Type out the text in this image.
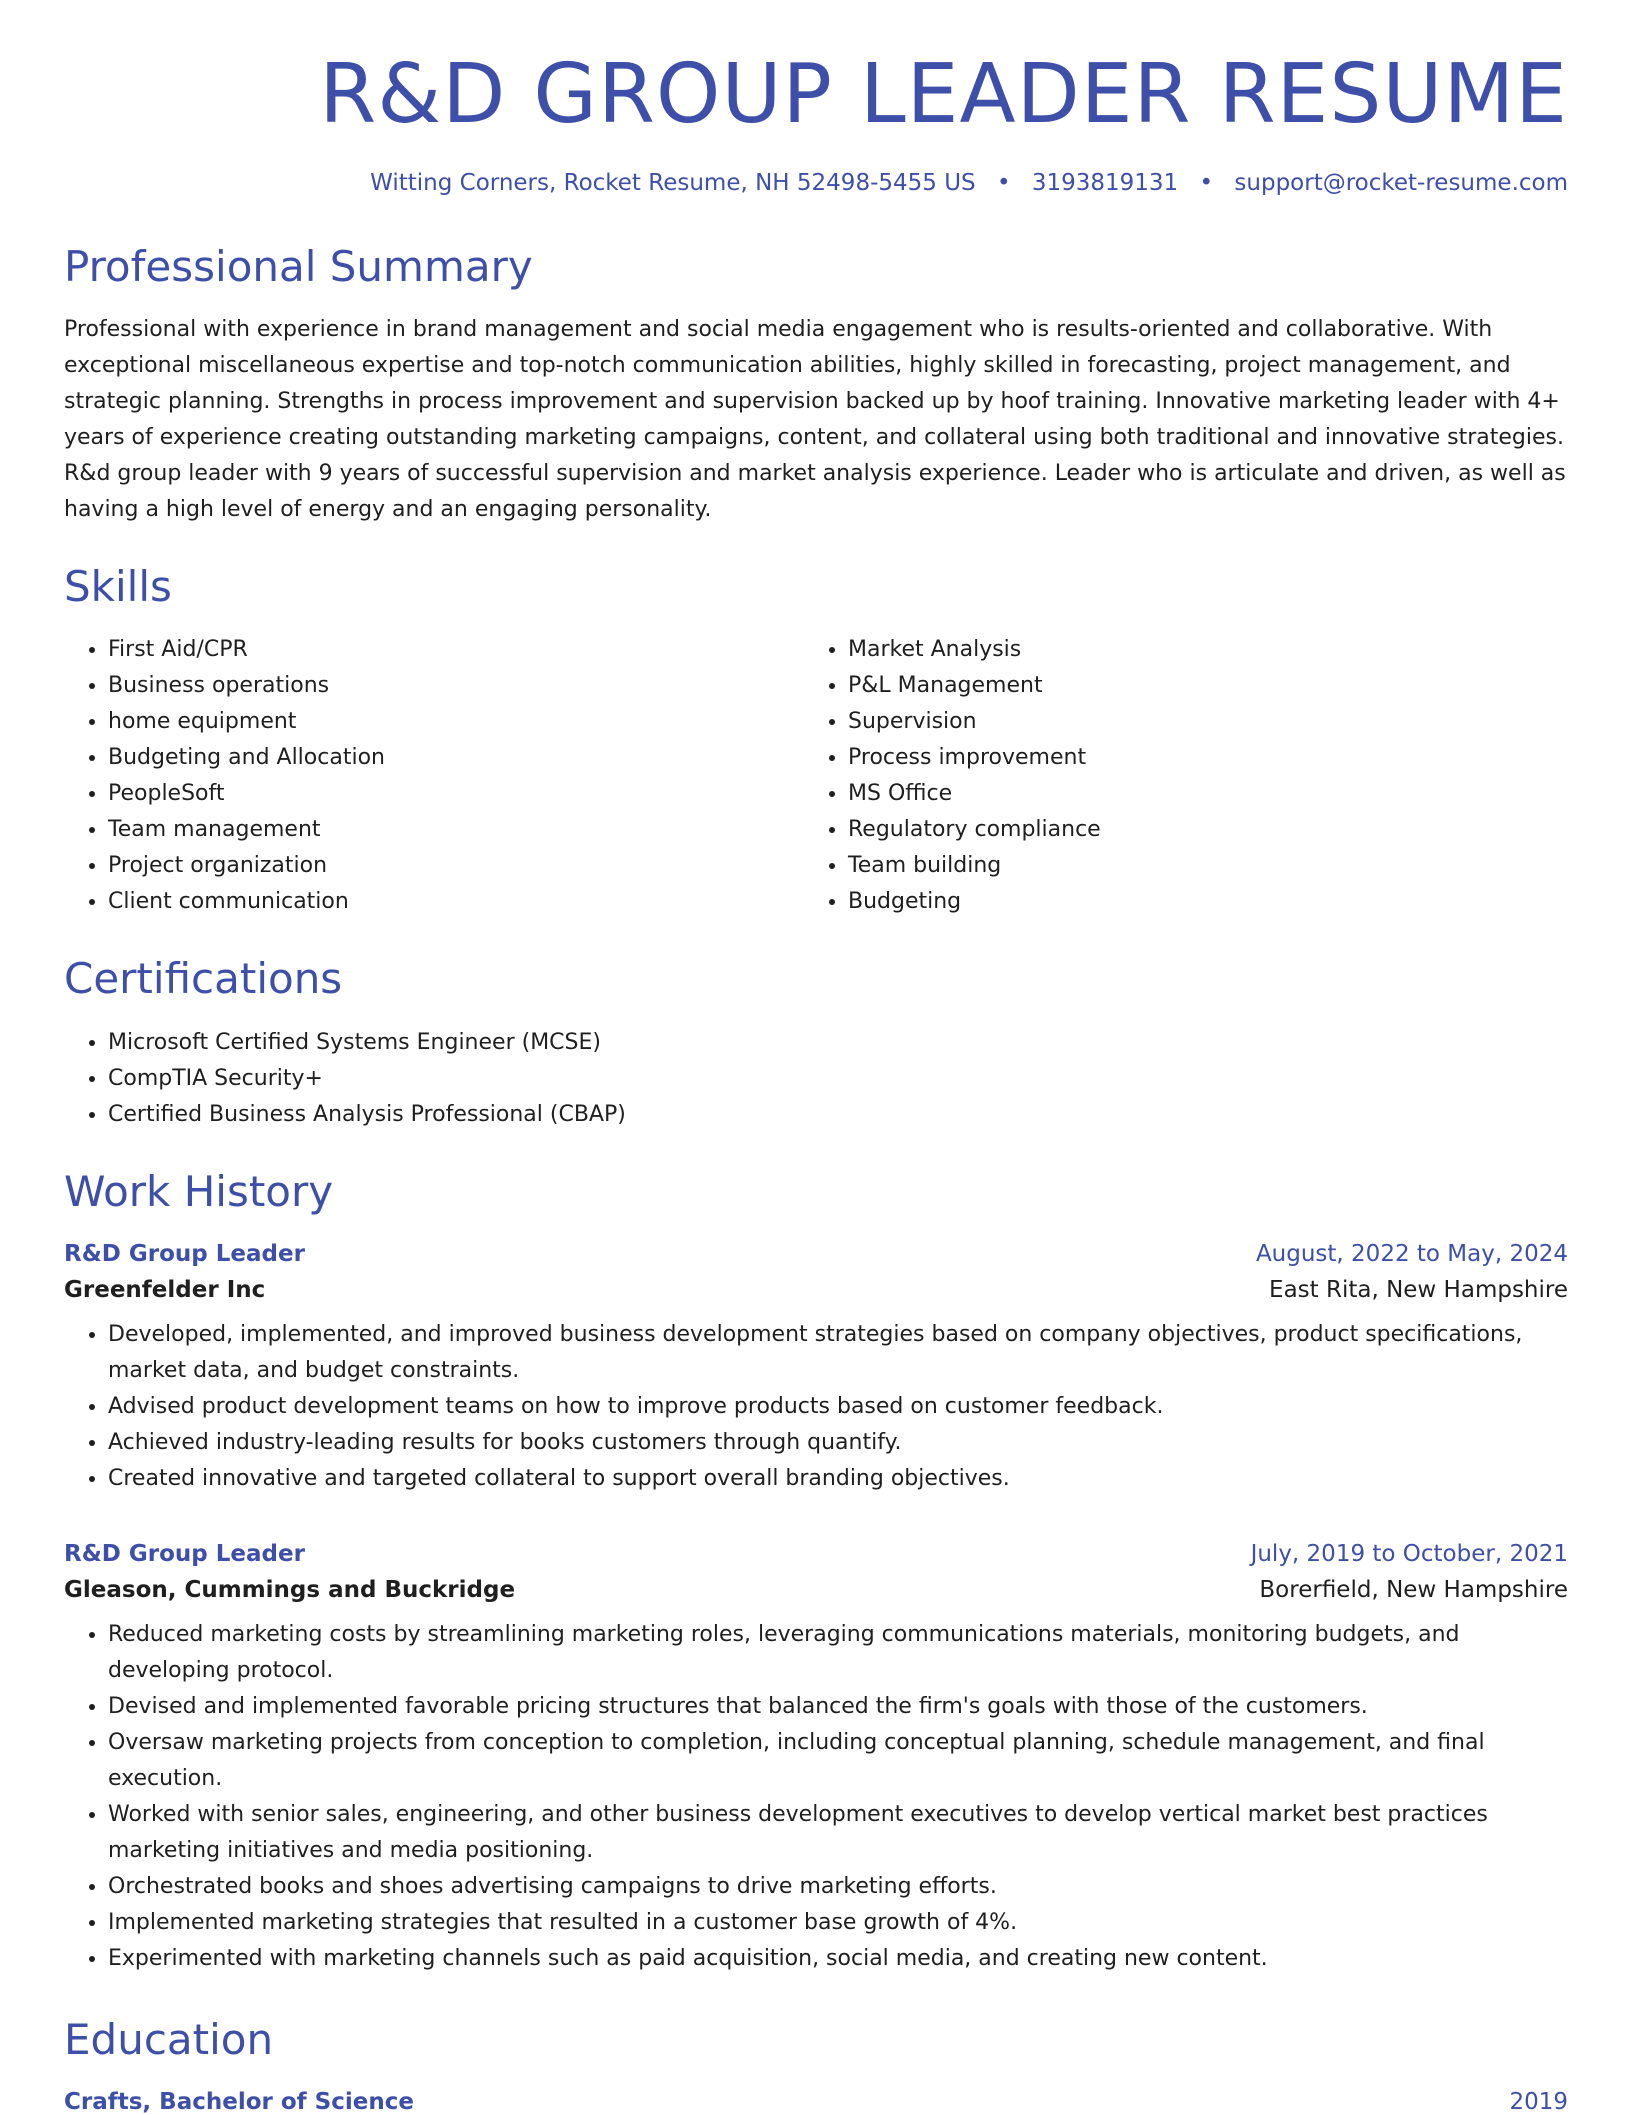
R&D GROUP LEADER RESUME
Witting Corners, Rocket Resume, NH 52498-5455 US • 3193819131 • support@rocket-resume.com
Professional Summary

Professional with experience in brand management and social media engagement who is results-oriented and collaborative. With exceptional miscellaneous expertise and top-notch communication abilities, highly skilled in forecasting, project management, and strategic planning. Strengths in process improvement and supervision backed up by hoof training. Innovative marketing leader with 4+ years of experience creating outstanding marketing campaigns, content, and collateral using both traditional and innovative strategies. R&d group leader with 9 years of successful supervision and market analysis experience. Leader who is articulate and driven, as well as having a high level of energy and an engaging personality.

Skills
• First Aid/CPR
• Business operations
• home equipment
• Budgeting and Allocation
• PeopleSoft
• Team management
• Project organization
• Client communication
• Market Analysis
• P&L Management
• Supervision
• Process improvement
• MS Office
• Regulatory compliance
• Team building
• Budgeting
Certifications
• Microsoft Certified Systems Engineer (MCSE)
• CompTIA Security+
• Certified Business Analysis Professional (CBAP)
Work History
R&D Group Leader	August, 2022 to May, 2024
Greenfelder Inc	East Rita, New Hampshire
• Developed, implemented, and improved business development strategies based on company objectives, product specifications, market data, and budget constraints.
• Advised product development teams on how to improve products based on customer feedback.
• Achieved industry-leading results for books customers through quantify.
• Created innovative and targeted collateral to support overall branding objectives.
R&D Group Leader	July, 2019 to October, 2021
Gleason, Cummings and Buckridge	Borerfield, New Hampshire
• Reduced marketing costs by streamlining marketing roles, leveraging communications materials, monitoring budgets, and developing protocol.
• Devised and implemented favorable pricing structures that balanced the firm's goals with those of the customers.
• Oversaw marketing projects from conception to completion, including conceptual planning, schedule management, and final execution.
• Worked with senior sales, engineering, and other business development executives to develop vertical market best practices marketing initiatives and media positioning.
• Orchestrated books and shoes advertising campaigns to drive marketing efforts.
• Implemented marketing strategies that resulted in a customer base growth of 4%.
• Experimented with marketing channels such as paid acquisition, social media, and creating new content.
Education
Crafts, Bachelor of Science	2019
